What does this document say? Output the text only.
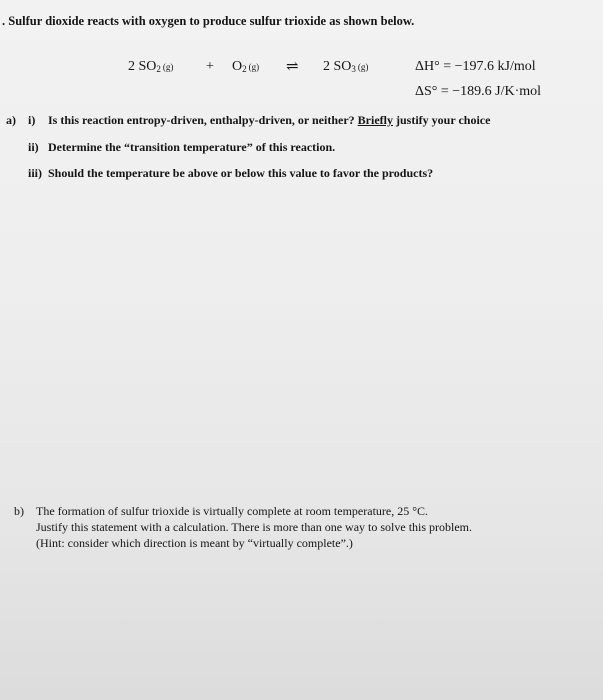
. Sulfur dioxide reacts with oxygen to produce sulfur trioxide as shown below.
2 $SO_2$ $(g) + O_2$ (g) ⇌ 2 $SO_3$ (g)	ΔH° = −197.6 kJ/mol
ΔS° = −189.6 J/K·mol
a) i) Is this reaction entropy-driven, enthalpy-driven, or neither? Briefly justify your choice
ii) Determine the “transition temperature” of this reaction.
iii) Should the temperature be above or below this value to favor the products?
b) The formation of sulfur trioxide is virtually complete at room temperature, 25 °C.
Justify this statement with a calculation. There is more than one way to solve this problem.
(Hint: consider which direction is meant by “virtually complete”.)
